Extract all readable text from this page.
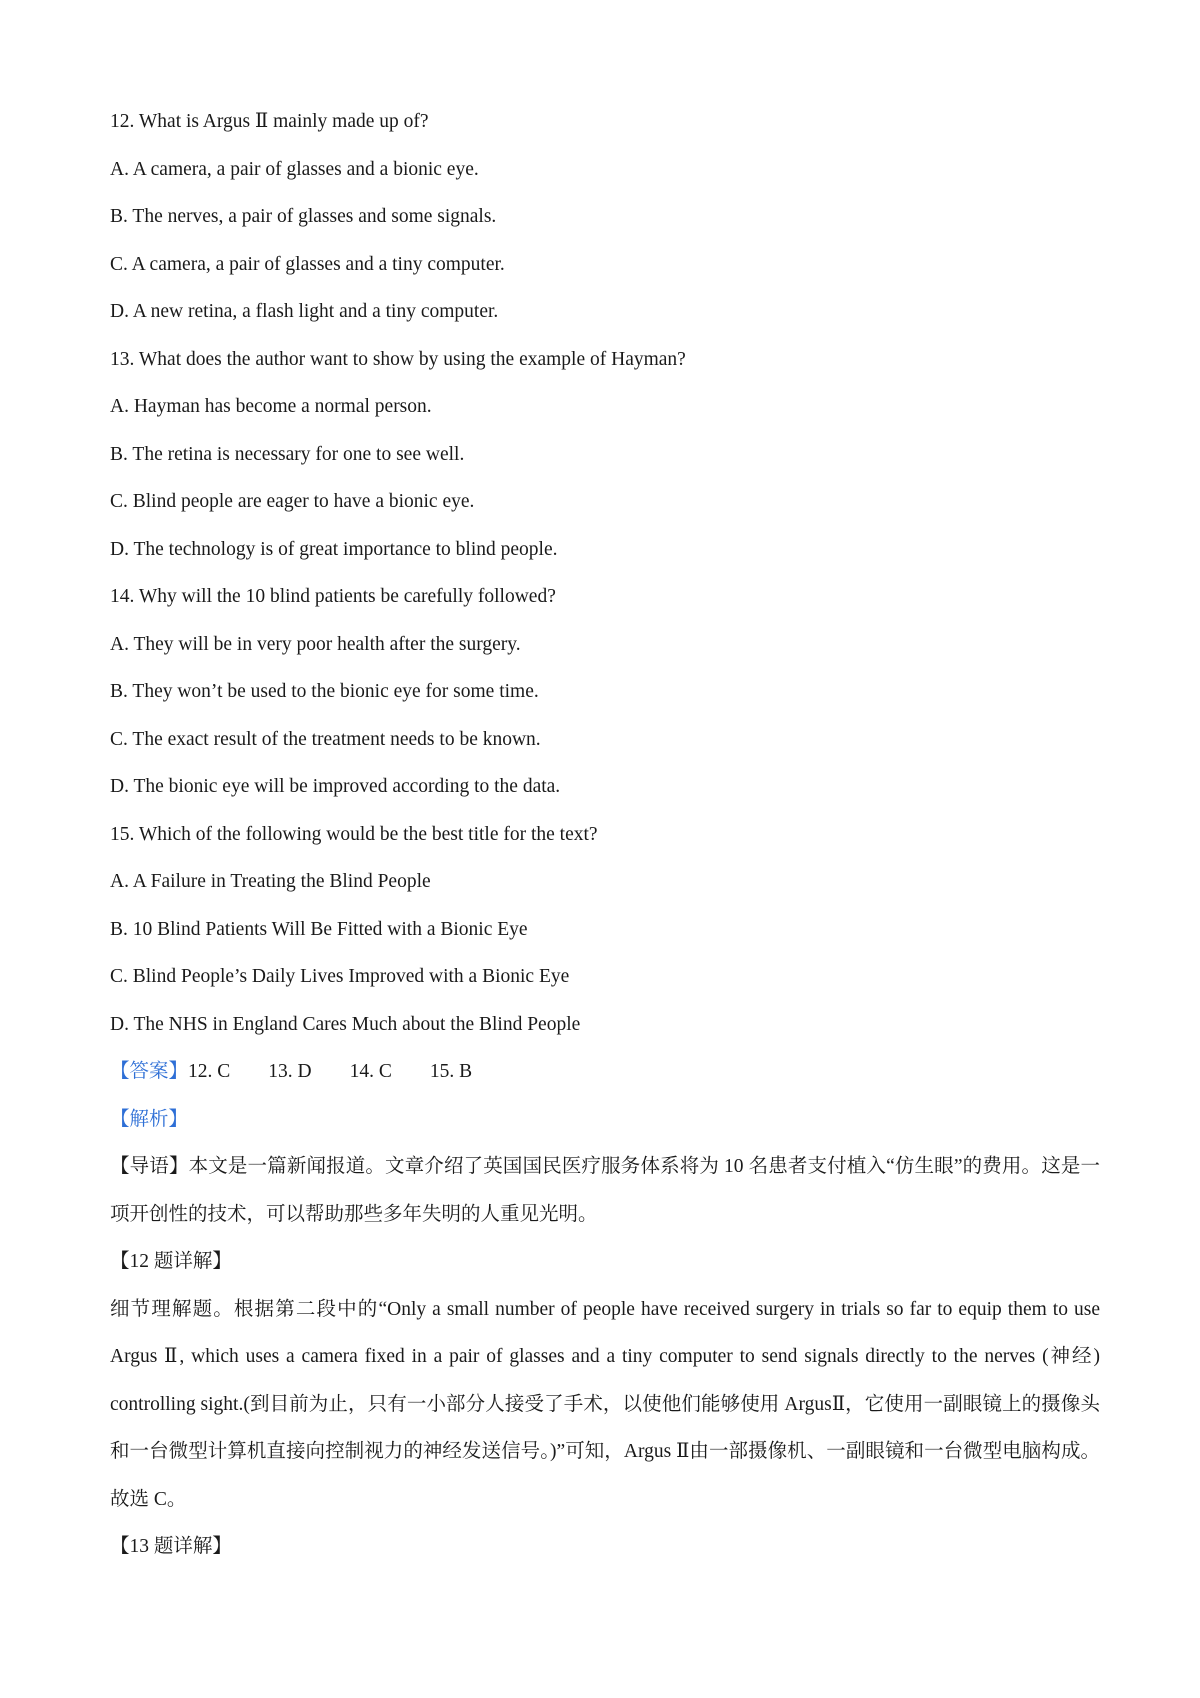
12. What is Argus Ⅱ mainly made up of?
A. A camera, a pair of glasses and a bionic eye.
B. The nerves, a pair of glasses and some signals.
C. A camera, a pair of glasses and a tiny computer.
D. A new retina, a flash light and a tiny computer.
13. What does the author want to show by using the example of Hayman?
A. Hayman has become a normal person.
B. The retina is necessary for one to see well.
C. Blind people are eager to have a bionic eye.
D. The technology is of great importance to blind people.
14. Why will the 10 blind patients be carefully followed?
A. They will be in very poor health after the surgery.
B. They won’t be used to the bionic eye for some time.
C. The exact result of the treatment needs to be known.
D. The bionic eye will be improved according to the data.
15. Which of the following would be the best title for the text?
A. A Failure in Treating the Blind People
B. 10 Blind Patients Will Be Fitted with a Bionic Eye
C. Blind People’s Daily Lives Improved with a Bionic Eye
D. The NHS in England Cares Much about the Blind People
【答案】12. C 13. D 14. C 15. B
【解析】
【导语】本文是一篇新闻报道。文章介绍了英国国民医疗服务体系将为 10 名患者支付植入“仿生眼”的费用。这是一项开创性的技术，可以帮助那些多年失明的人重见光明。
【12 题详解】
细节理解题。根据第二段中的“Only a small number of people have received surgery in trials so far to equip them to use Argus Ⅱ, which uses a camera fixed in a pair of glasses and a tiny computer to send signals directly to the nerves (神经) controlling sight.(到目前为止，只有一小部分人接受了手术，以使他们能够使用 ArgusⅡ，它使用一副眼镜上的摄像头和一台微型计算机直接向控制视力的神经发送信号。)”可知，Argus Ⅱ由一部摄像机、一副眼镜和一台微型电脑构成。故选 C。
【13 题详解】
